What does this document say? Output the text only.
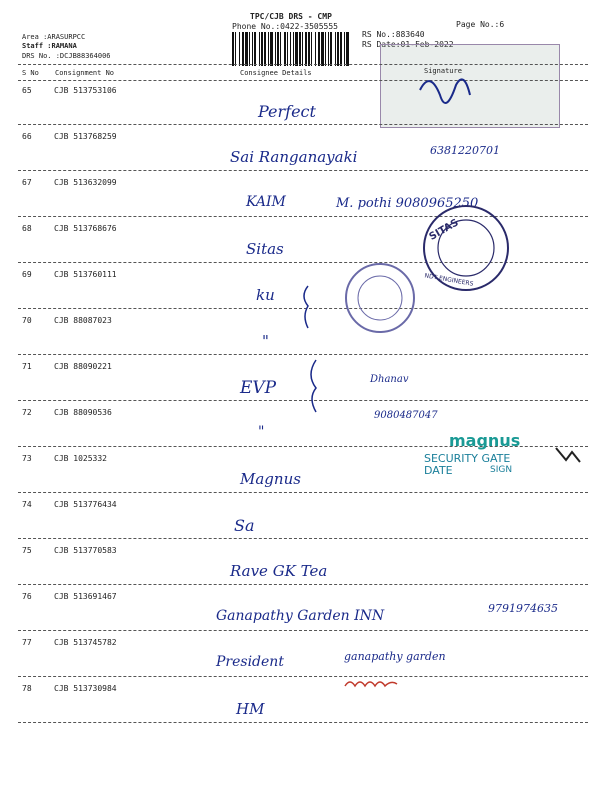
TPC/CJB DRS - CMP
Phone No.:0422-3505555
Area :ARASURPCC
Staff :RAMANA
DRS No. :DCJB88364006
RS No.:883640
RS Date:01-Feb-2022
Page No.:6
S No Consignment No	Consignee Details	Signature
65	CJB 513753106
Perfect
66	CJB 513768259
Sai Ranganayaki	6381220701
67	CJB 513632099
KAIM	M. pothi 9080965250
68	CJB 513768676
Sitas
69	CJB 513760111
ku
70	CJB 88087023
"
71	CJB 88090221
EVP	Dhanav
72	CJB 88090536
"
9080487047
73	CJB 1025332
Magnus
74	CJB 513776434
Sa
75	CJB 513770583
Rave GK Tea
76	CJB 513691467
Ganapathy Garden INN	9791974635
77	CJB 513745782
President	ganapathy garden
78	CJB 513730984
HM
magnus
SECURITY GATE
DATE	SIGN
SITAS
NDT ENGINEERS
